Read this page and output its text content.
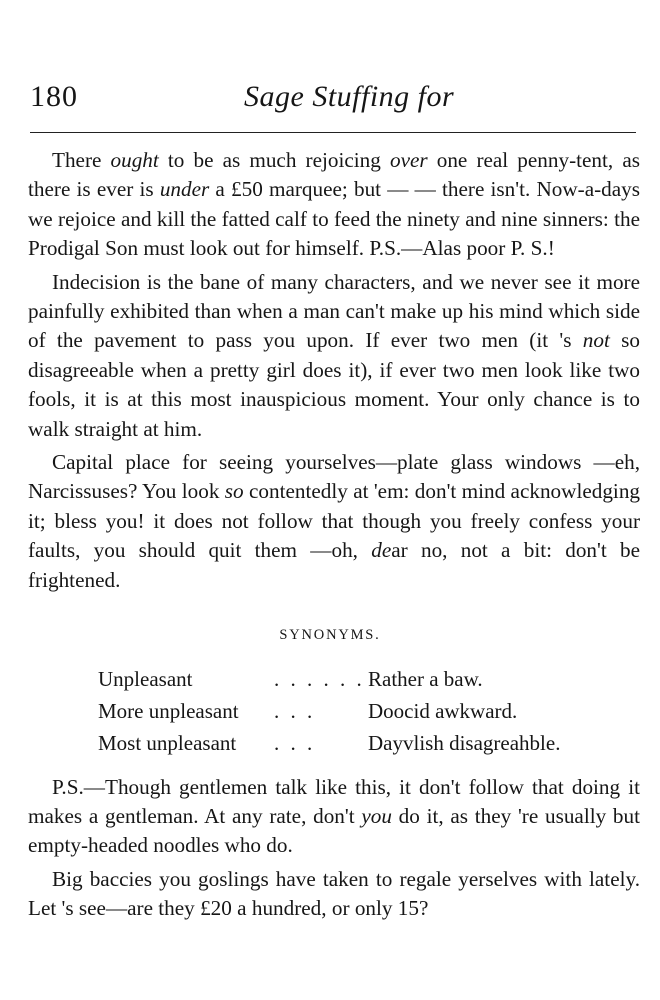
180	Sage Stuffing for

There ought to be as much rejoicing over one real penny-tent, as there is ever is under a £50 marquee; but — — there isn't. Now-a-days we rejoice and kill the fatted calf to feed the ninety and nine sinners: the Prodigal Son must look out for himself. P.S.—Alas poor P. S.!

Indecision is the bane of many characters, and we never see it more painfully exhibited than when a man can't make up his mind which side of the pavement to pass you upon. If ever two men (it 's not so disagreeable when a pretty girl does it), if ever two men look like two fools, it is at this most inauspicious moment. Your only chance is to walk straight at him.

Capital place for seeing yourselves—plate glass windows —eh, Narcissuses? You look so contentedly at 'em: don't mind acknowledging it; bless you! it does not follow that though you freely confess your faults, you should quit them —oh, dear no, not a bit: don't be frightened.

SYNONYMS.
Unpleasant	. . . . . . Rather a baw.
More unpleasant . . .	Doocid awkward.
Most unpleasant . . .	Dayvlish disagreahble.

P.S.—Though gentlemen talk like this, it don't follow that doing it makes a gentleman. At any rate, don't you do it, as they 're usually but empty-headed noodles who do.

Big baccies you goslings have taken to regale yerselves with lately. Let 's see—are they £20 a hundred, or only 15?
